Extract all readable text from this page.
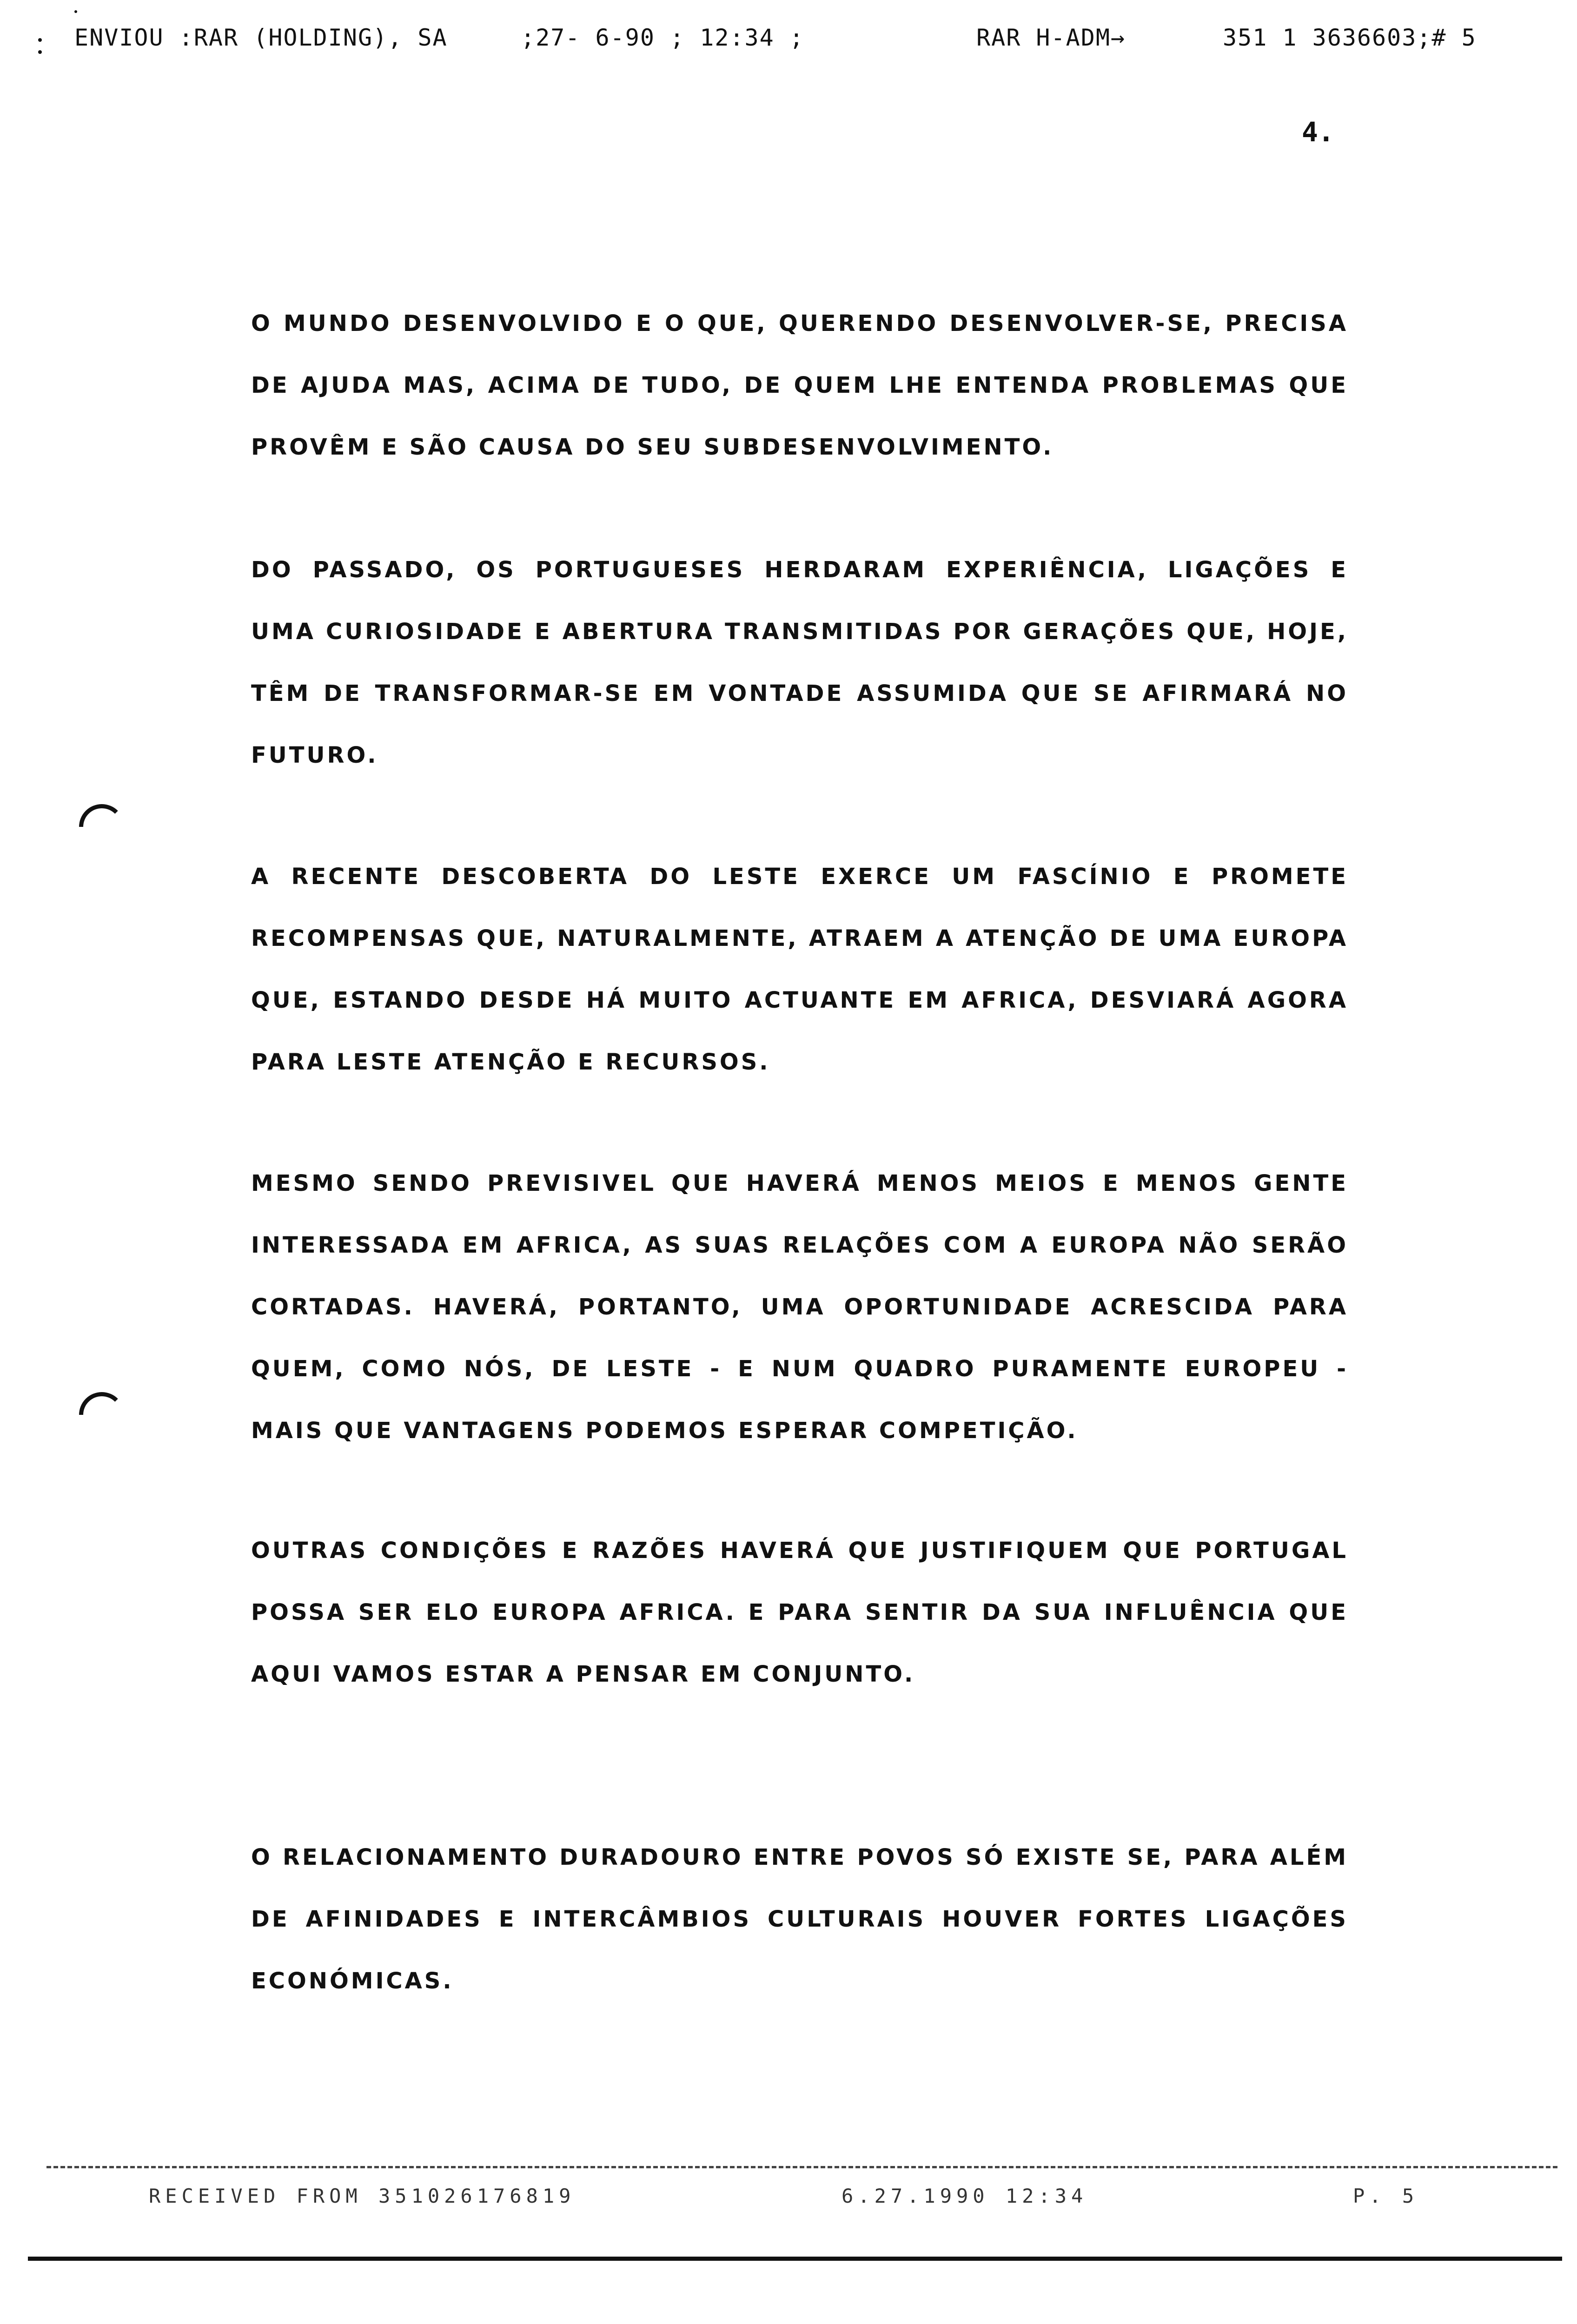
ENVIOU :RAR (HOLDING), SA	;27- 6-90 ; 12:34 ;	RAR H-ADM→	351 1 3636603;# 5
4.

O MUNDO DESENVOLVIDO E O QUE, QUERENDO DESENVOLVER-SE, PRECISA DE AJUDA MAS, ACIMA DE TUDO, DE QUEM LHE ENTENDA PROBLEMAS QUE PROVÊM E SÃO CAUSA DO SEU SUBDESENVOLVIMENTO.

DO PASSADO, OS PORTUGUESES HERDARAM EXPERIÊNCIA, LIGAÇÕES E UMA CURIOSIDADE E ABERTURA TRANSMITIDAS POR GERAÇÕES QUE, HOJE, TÊM DE TRANSFORMAR-SE EM VONTADE ASSUMIDA QUE SE AFIRMARÁ NO FUTURO.

A RECENTE DESCOBERTA DO LESTE EXERCE UM FASCÍNIO E PROMETE RECOMPENSAS QUE, NATURALMENTE, ATRAEM A ATENÇÃO DE UMA EUROPA QUE, ESTANDO DESDE HÁ MUITO ACTUANTE EM AFRICA, DESVIARÁ AGORA PARA LESTE ATENÇÃO E RECURSOS.

MESMO SENDO PREVISIVEL QUE HAVERÁ MENOS MEIOS E MENOS GENTE INTERESSADA EM AFRICA, AS SUAS RELAÇÕES COM A EUROPA NÃO SERÃO CORTADAS. HAVERÁ, PORTANTO, UMA OPORTUNIDADE ACRESCIDA PARA QUEM, COMO NÓS, DE LESTE - E NUM QUADRO PURAMENTE EUROPEU - MAIS QUE VANTAGENS PODEMOS ESPERAR COMPETIÇÃO.

OUTRAS CONDIÇÕES E RAZÕES HAVERÁ QUE JUSTIFIQUEM QUE PORTUGAL POSSA SER ELO EUROPA AFRICA. E PARA SENTIR DA SUA INFLUÊNCIA QUE AQUI VAMOS ESTAR A PENSAR EM CONJUNTO.

O RELACIONAMENTO DURADOURO ENTRE POVOS SÓ EXISTE SE, PARA ALÉM DE AFINIDADES E INTERCÂMBIOS CULTURAIS HOUVER FORTES LIGAÇÕES ECONÓMICAS.

RECEIVED FROM 351026176819	6.27.1990 12:34	P. 5
